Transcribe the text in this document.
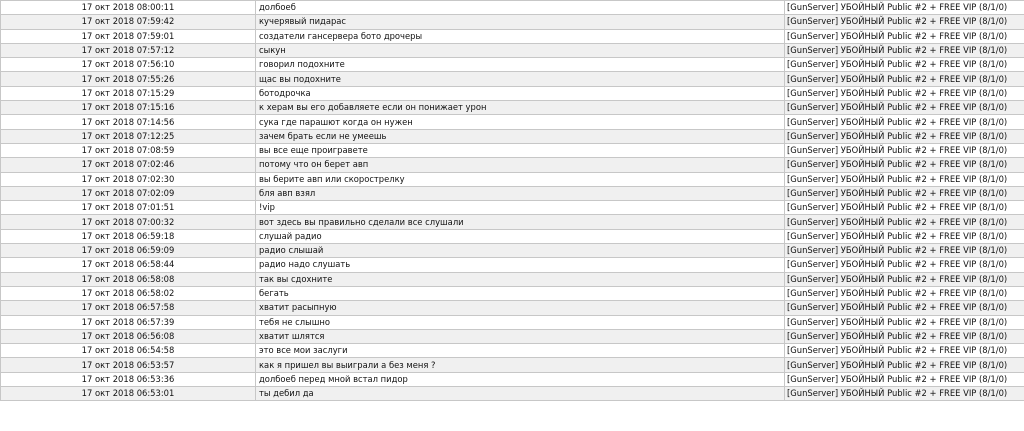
17 окт 2018 08:00:11	долбоеб	[GunServer] УБОЙНЫЙ Public #2 + FREE VIP (8/1/0)
17 окт 2018 07:59:42	кучерявый пидарас	[GunServer] УБОЙНЫЙ Public #2 + FREE VIP (8/1/0)
17 окт 2018 07:59:01	создатели гансервера бото дрочеры	[GunServer] УБОЙНЫЙ Public #2 + FREE VIP (8/1/0)
17 окт 2018 07:57:12	сыкун	[GunServer] УБОЙНЫЙ Public #2 + FREE VIP (8/1/0)
17 окт 2018 07:56:10	говорил подохните	[GunServer] УБОЙНЫЙ Public #2 + FREE VIP (8/1/0)
17 окт 2018 07:55:26	щас вы подохните	[GunServer] УБОЙНЫЙ Public #2 + FREE VIP (8/1/0)
17 окт 2018 07:15:29	ботодрочка	[GunServer] УБОЙНЫЙ Public #2 + FREE VIP (8/1/0)
17 окт 2018 07:15:16	к херам вы его добавляете если он понижает урон	[GunServer] УБОЙНЫЙ Public #2 + FREE VIP (8/1/0)
17 окт 2018 07:14:56	сука где парашют когда он нужен	[GunServer] УБОЙНЫЙ Public #2 + FREE VIP (8/1/0)
17 окт 2018 07:12:25	зачем брать если не умеешь	[GunServer] УБОЙНЫЙ Public #2 + FREE VIP (8/1/0)
17 окт 2018 07:08:59	вы все еще проигравете	[GunServer] УБОЙНЫЙ Public #2 + FREE VIP (8/1/0)
17 окт 2018 07:02:46	потому что он берет авп	[GunServer] УБОЙНЫЙ Public #2 + FREE VIP (8/1/0)
17 окт 2018 07:02:30	вы берите авп или скорострелку	[GunServer] УБОЙНЫЙ Public #2 + FREE VIP (8/1/0)
17 окт 2018 07:02:09	бля авп взял	[GunServer] УБОЙНЫЙ Public #2 + FREE VIP (8/1/0)
17 окт 2018 07:01:51	!vip	[GunServer] УБОЙНЫЙ Public #2 + FREE VIP (8/1/0)
17 окт 2018 07:00:32	вот здесь вы правильно сделали все слушали	[GunServer] УБОЙНЫЙ Public #2 + FREE VIP (8/1/0)
17 окт 2018 06:59:18	слушай радио	[GunServer] УБОЙНЫЙ Public #2 + FREE VIP (8/1/0)
17 окт 2018 06:59:09	радио слышай	[GunServer] УБОЙНЫЙ Public #2 + FREE VIP (8/1/0)
17 окт 2018 06:58:44	радио надо слушать	[GunServer] УБОЙНЫЙ Public #2 + FREE VIP (8/1/0)
17 окт 2018 06:58:08	так вы сдохните	[GunServer] УБОЙНЫЙ Public #2 + FREE VIP (8/1/0)
17 окт 2018 06:58:02	бегать	[GunServer] УБОЙНЫЙ Public #2 + FREE VIP (8/1/0)
17 окт 2018 06:57:58	хватит расыпную	[GunServer] УБОЙНЫЙ Public #2 + FREE VIP (8/1/0)
17 окт 2018 06:57:39	тебя не слышно	[GunServer] УБОЙНЫЙ Public #2 + FREE VIP (8/1/0)
17 окт 2018 06:56:08	хватит шлятся	[GunServer] УБОЙНЫЙ Public #2 + FREE VIP (8/1/0)
17 окт 2018 06:54:58	это все мои заслуги	[GunServer] УБОЙНЫЙ Public #2 + FREE VIP (8/1/0)
17 окт 2018 06:53:57	как я пришел вы выиграли а без меня ?	[GunServer] УБОЙНЫЙ Public #2 + FREE VIP (8/1/0)
17 окт 2018 06:53:36	долбоеб перед мной встал пидор	[GunServer] УБОЙНЫЙ Public #2 + FREE VIP (8/1/0)
17 окт 2018 06:53:01	ты дебил да	[GunServer] УБОЙНЫЙ Public #2 + FREE VIP (8/1/0)
